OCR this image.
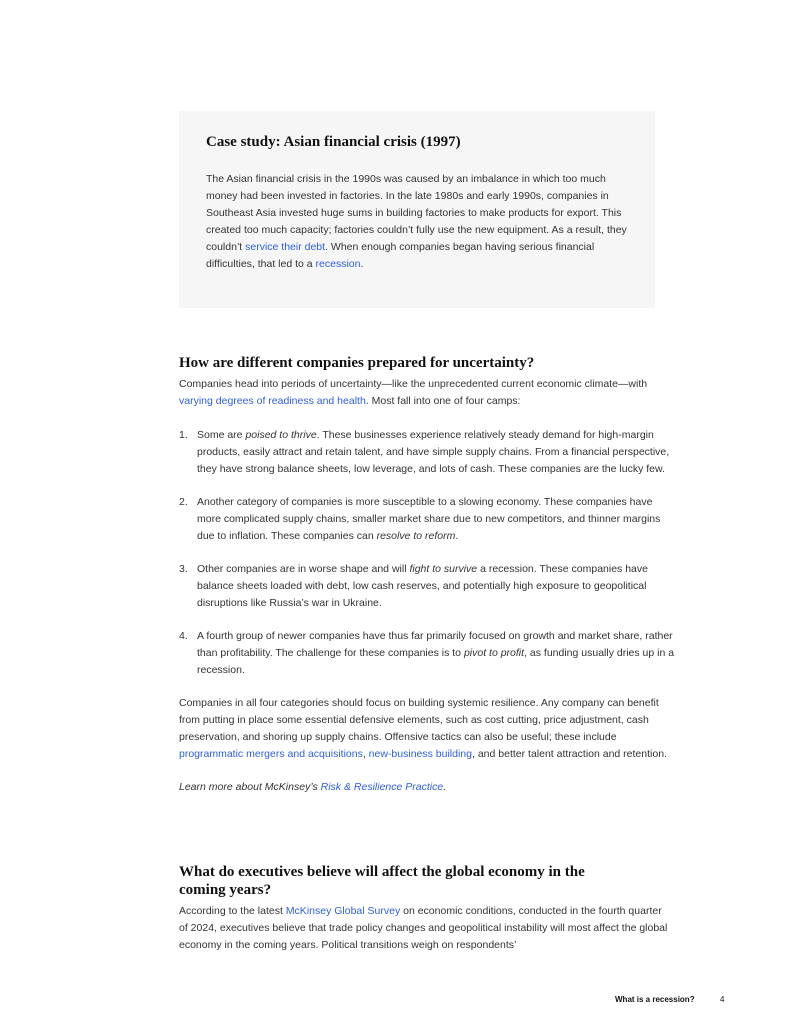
Case study: Asian financial crisis (1997)

The Asian financial crisis in the 1990s was caused by an imbalance in which too much money had been invested in factories. In the late 1980s and early 1990s, companies in Southeast Asia invested huge sums in building factories to make products for export. This created too much capacity; factories couldn’t fully use the new equipment. As a result, they couldn’t service their debt. When enough companies began having serious financial difficulties, that led to a recession.

How are different companies prepared for uncertainty?

Companies head into periods of uncertainty—like the unprecedented current economic climate—with varying degrees of readiness and health. Most fall into one of four camps:

1. Some are poised to thrive. These businesses experience relatively steady demand for high-margin products, easily attract and retain talent, and have simple supply chains. From a financial perspective, they have strong balance sheets, low leverage, and lots of cash. These companies are the lucky few.
2. Another category of companies is more susceptible to a slowing economy. These companies have more complicated supply chains, smaller market share due to new competitors, and thinner margins due to inflation. These companies can resolve to reform.
3. Other companies are in worse shape and will fight to survive a recession. These companies have balance sheets loaded with debt, low cash reserves, and potentially high exposure to geopolitical disruptions like Russia’s war in Ukraine.
4. A fourth group of newer companies have thus far primarily focused on growth and market share, rather than profitability. The challenge for these companies is to pivot to profit, as funding usually dries up in a recession.

Companies in all four categories should focus on building systemic resilience. Any company can benefit from putting in place some essential defensive elements, such as cost cutting, price adjustment, cash preservation, and shoring up supply chains. Offensive tactics can also be useful; these include programmatic mergers and acquisitions, new-business building, and better talent attraction and retention.

Learn more about McKinsey’s Risk & Resilience Practice.

What do executives believe will affect the global economy in the
coming years?

According to the latest McKinsey Global Survey on economic conditions, conducted in the fourth quarter of 2024, executives believe that trade policy changes and geopolitical instability will most affect the global economy in the coming years. Political transitions weigh on respondents’

What is a recession?	4
